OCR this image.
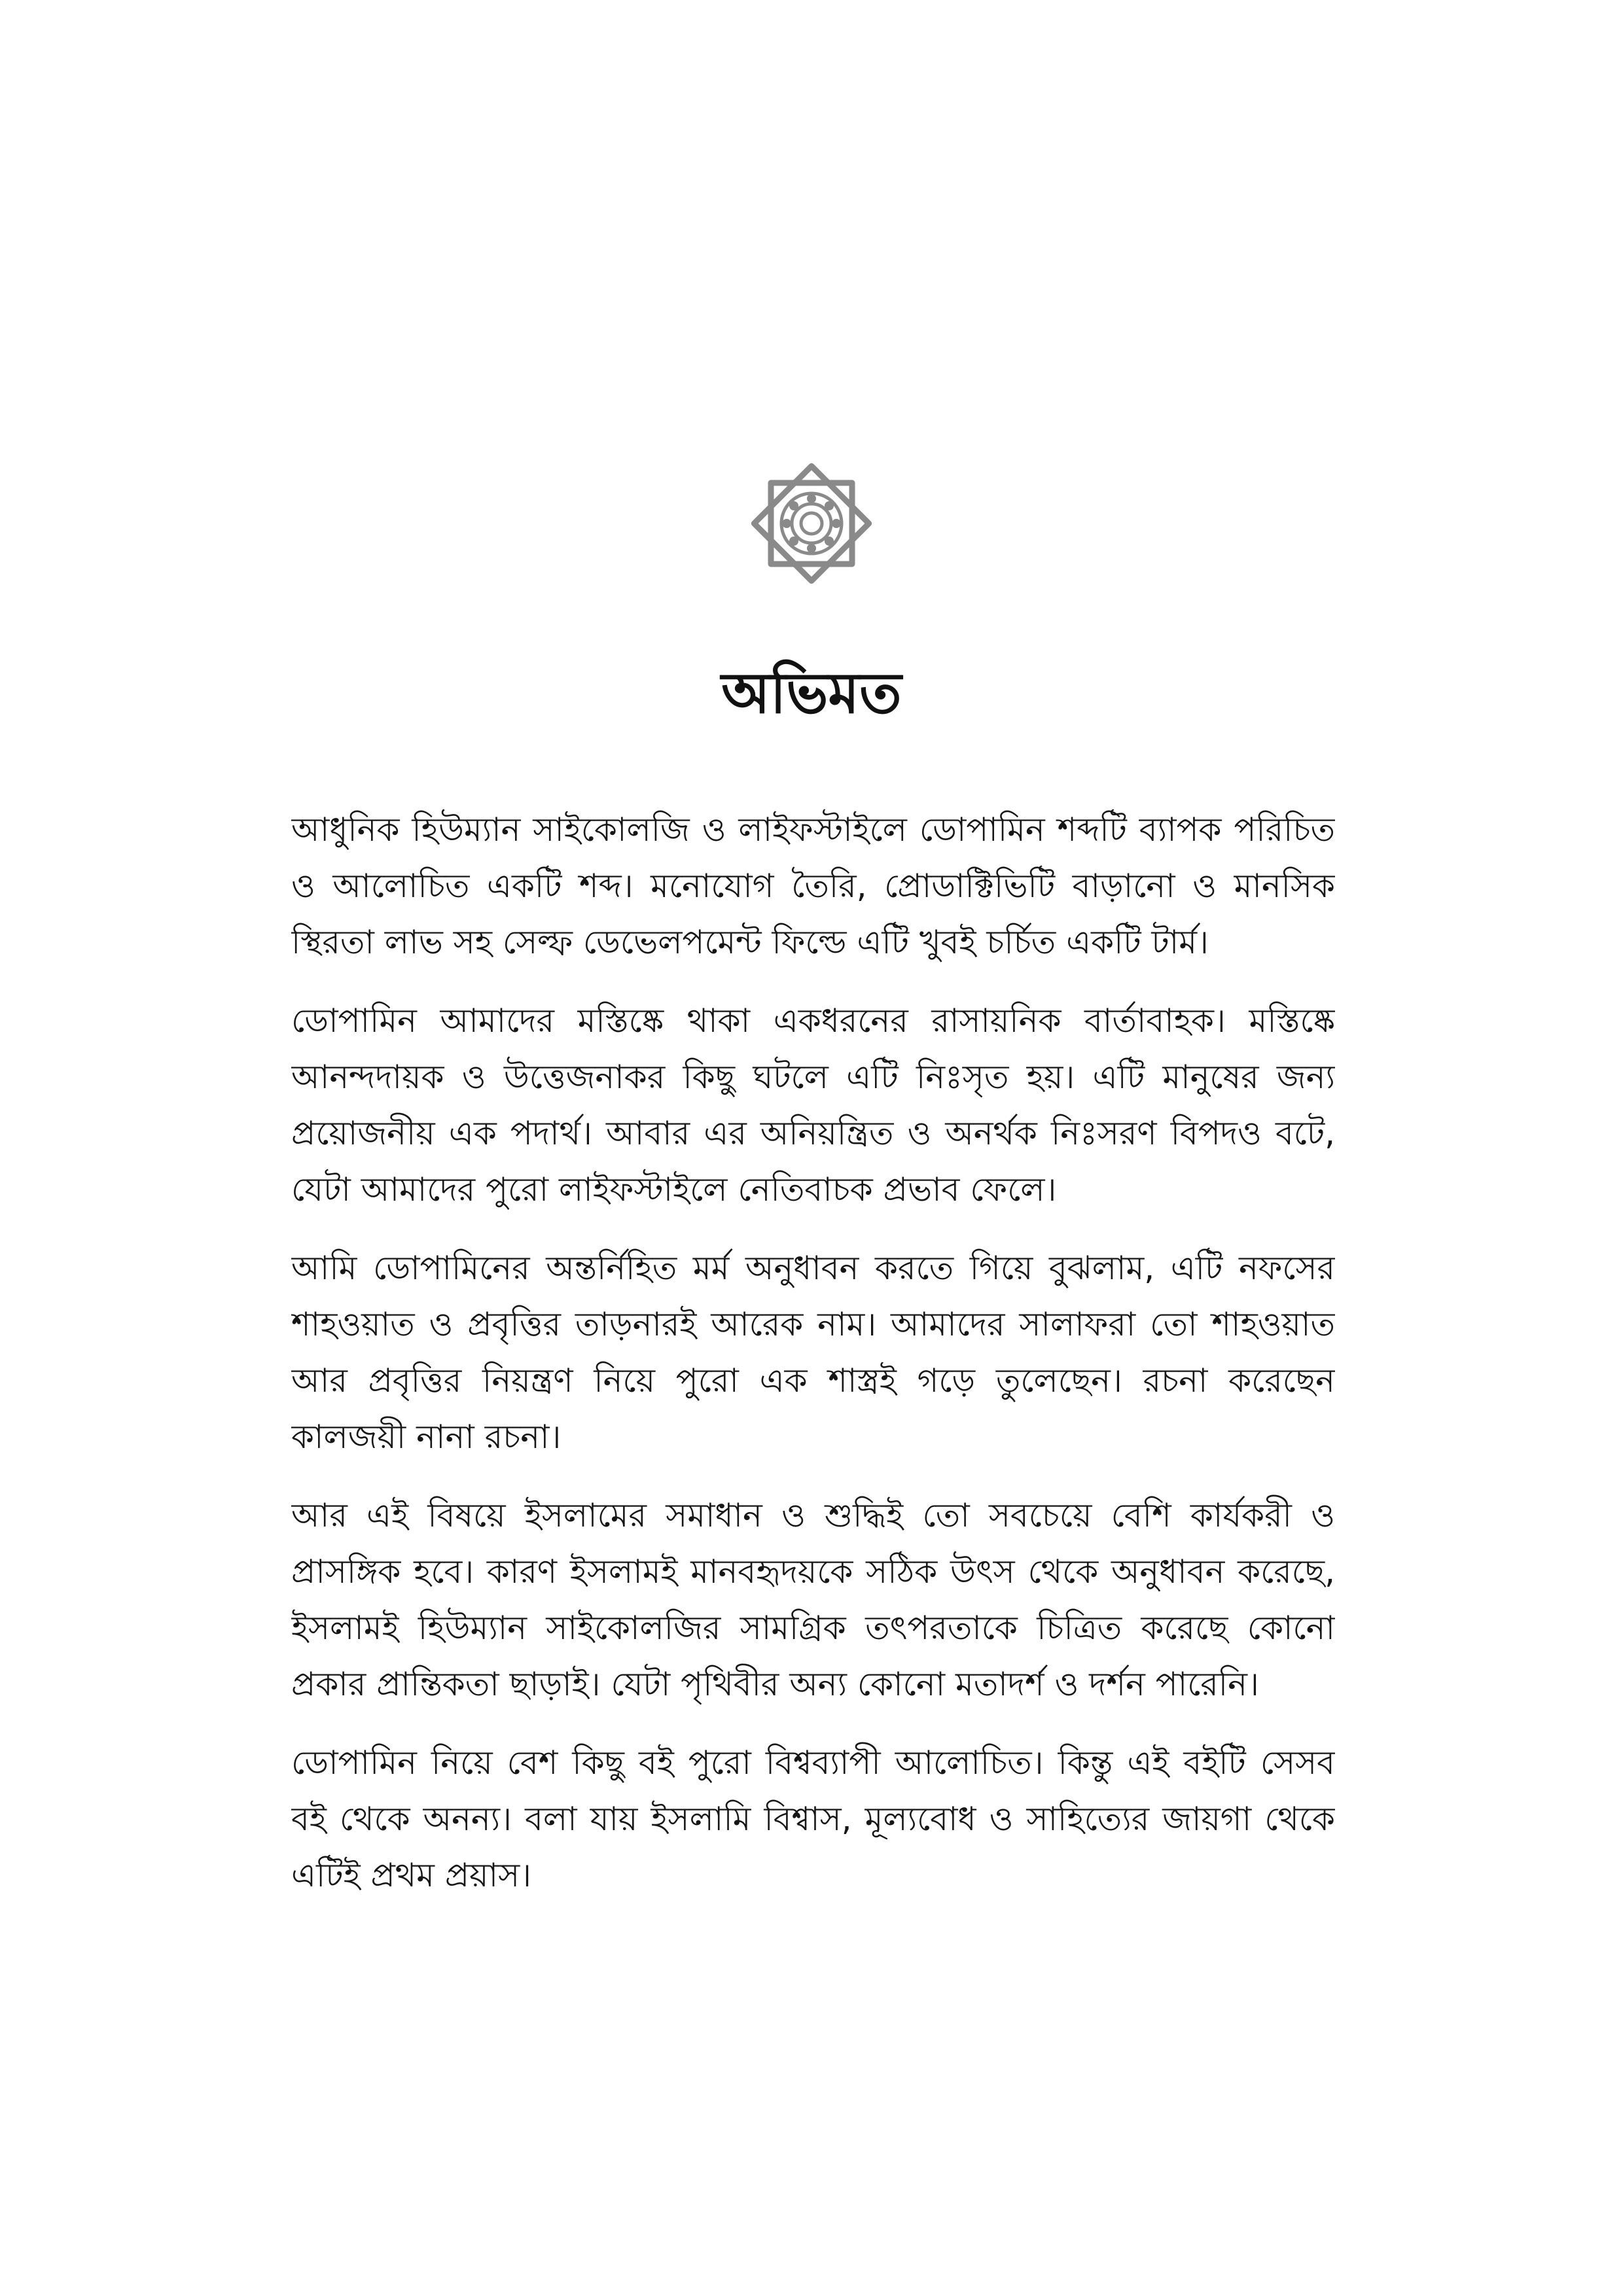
অভিমত

আধুনিক হিউম্যান সাইকোলজি ও লাইফস্টাইলে ডোপামিন শব্দটি ব্যাপক পরিচিত ও আলোচিত একটি শব্দ। মনোযোগ তৈরি, প্রোডাক্টিভিটি বাড়ানো ও মানসিক স্থিরতা লাভ সহ সেল্ফ ডেভেলপমেন্ট ফিল্ডে এটি খুবই চর্চিত একটি টার্ম।

ডোপামিন আমাদের মস্তিষ্কে থাকা একধরনের রাসায়নিক বার্তাবাহক। মস্তিষ্কে আনন্দদায়ক ও উত্তেজনাকর কিছু ঘটলে এটি নিঃসৃত হয়। এটি মানুষের জন্য প্রয়োজনীয় এক পদার্থ। আবার এর অনিয়ন্ত্রিত ও অনর্থক নিঃসরণ বিপদও বটে, যেটা আমাদের পুরো লাইফস্টাইলে নেতিবাচক প্রভাব ফেলে।

আমি ডোপামিনের অন্তর্নিহিত মর্ম অনুধাবন করতে গিয়ে বুঝলাম, এটি নফসের শাহওয়াত ও প্রবৃত্তির তাড়নারই আরেক নাম। আমাদের সালাফরা তো শাহওয়াত আর প্রবৃত্তির নিয়ন্ত্রণ নিয়ে পুরো এক শাস্ত্রই গড়ে তুলেছেন। রচনা করেছেন কালজয়ী নানা রচনা।

আর এই বিষয়ে ইসলামের সমাধান ও শুদ্ধিই তো সবচেয়ে বেশি কার্যকরী ও প্রাসঙ্গিক হবে। কারণ ইসলামই মানবহৃদয়কে সঠিক উৎস থেকে অনুধাবন করেছে, ইসলামই হিউম্যান সাইকোলজির সামগ্রিক তৎপরতাকে চিত্রিত করেছে কোনো প্রকার প্রান্তিকতা ছাড়াই। যেটা পৃথিবীর অন্য কোনো মতাদর্শ ও দর্শন পারেনি।

ডোপামিন নিয়ে বেশ কিছু বই পুরো বিশ্বব্যাপী আলোচিত। কিন্তু এই বইটি সেসব বই থেকে অনন্য। বলা যায় ইসলামি বিশ্বাস, মূল্যবোধ ও সাহিত্যের জায়গা থেকে এটিই প্রথম প্রয়াস।
